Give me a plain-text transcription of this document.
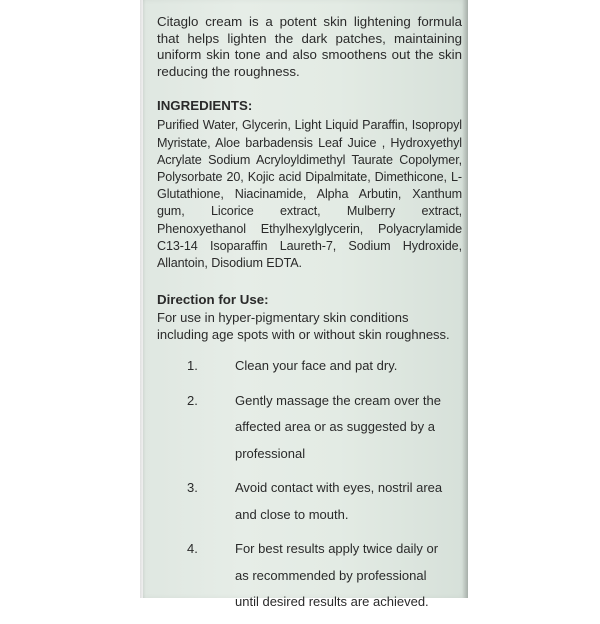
Citaglo cream is a potent skin lightening formula that helps lighten the dark patches, maintaining uniform skin tone and also smoothens out the skin reducing the roughness.

INGREDIENTS:

Purified Water, Glycerin, Light Liquid Paraffin, Isopropyl Myristate, Aloe barbadensis Leaf Juice , Hydroxyethyl Acrylate Sodium Acryloyldimethyl Taurate Copolymer, Polysorbate 20, Kojic acid Dipalmitate, Dimethicone, L-Glutathione, Niacinamide, Alpha Arbutin, Xanthum gum, Licorice extract, Mulberry extract, Phenoxyethanol Ethylhexylglycerin, Polyacrylamide C13-14 Isoparaffin Laureth-7, Sodium Hydroxide, Allantoin, Disodium EDTA.

Direction for Use:

For use in hyper-pigmentary skin conditions including age spots with or without skin roughness.

1.	Clean your face and pat dry.
2.	Gently massage the cream over the affected area or as suggested by a professional
3.	Avoid contact with eyes, nostril area and close to mouth.
4.	For best results apply twice daily or as recommended by professional until desired results are achieved.
